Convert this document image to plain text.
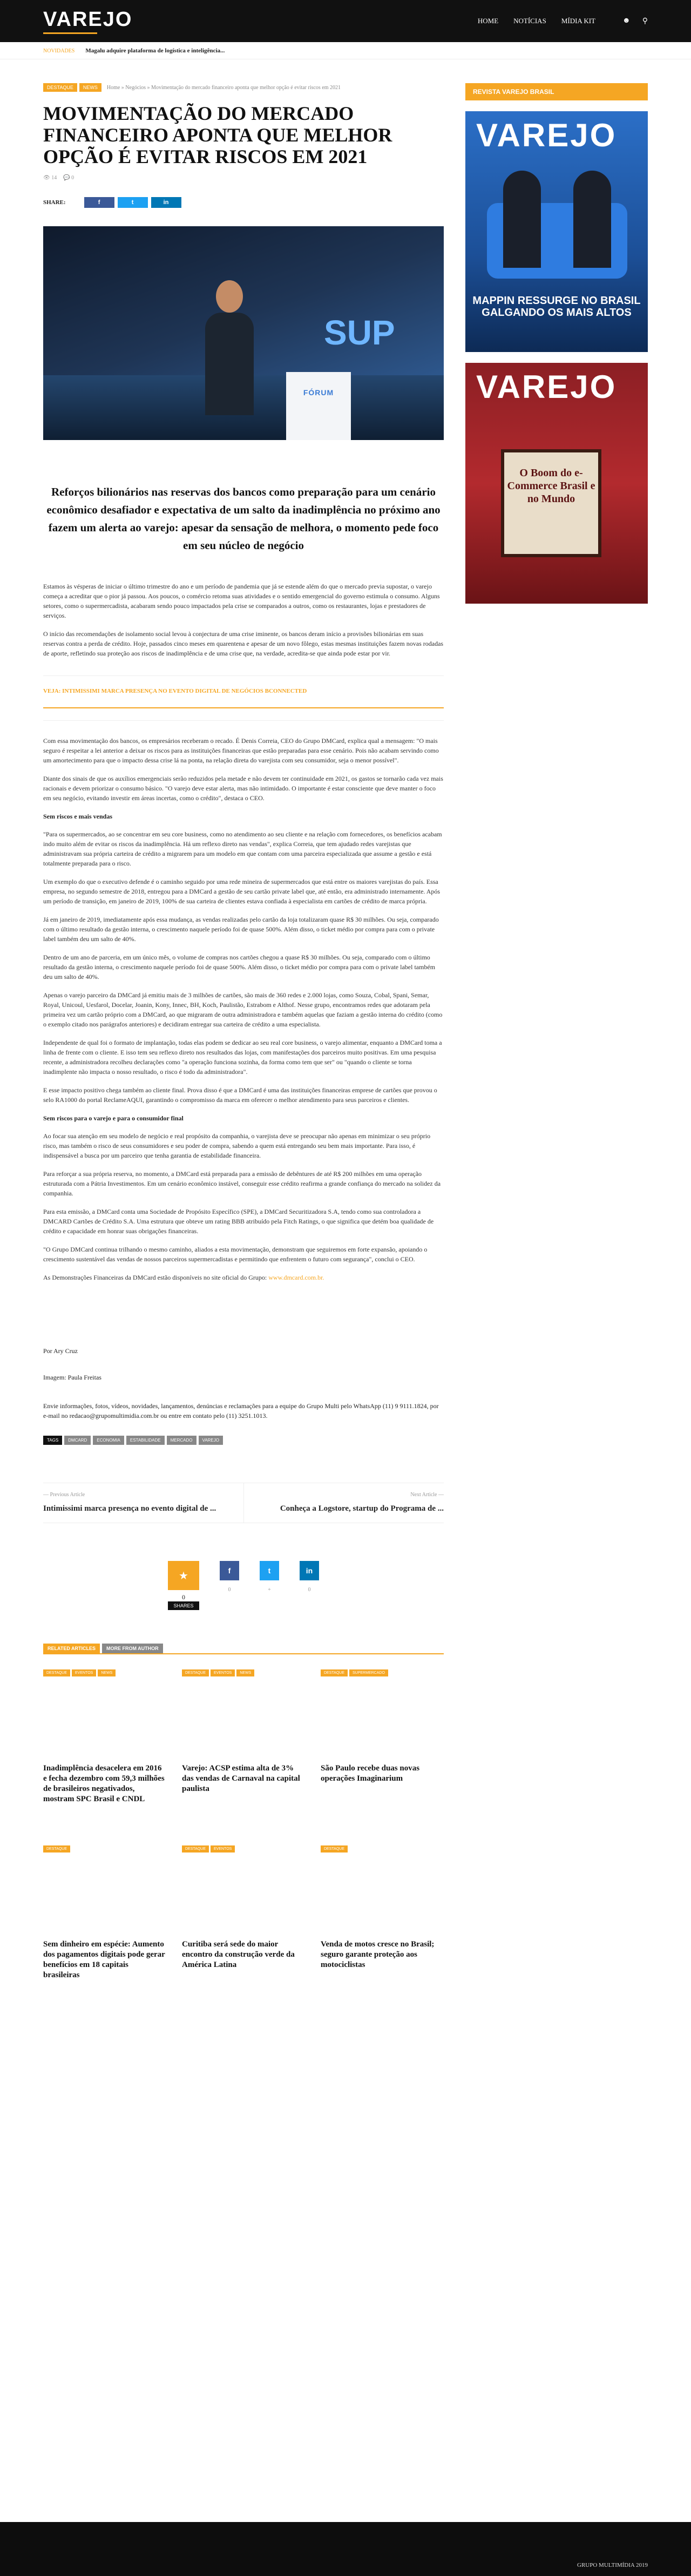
VAREJO	HOME NOTÍCIAS MÍDIA KIT	☻ ⚲
NOVIDADES Magalu adquire plataforma de logística e inteligência...
DESTAQUE	NEWS	Home » Negócios » Movimentação do mercado financeiro aponta que melhor opção é evitar riscos em 2021
MOVIMENTAÇÃO DO MERCADO FINANCEIRO APONTA QUE MELHOR OPÇÃO É EVITAR RISCOS EM 2021
👁 14 💬 0
SHARE:	f	t	in
SUP
FÓRUM
Reforços bilionários nas reservas dos bancos como preparação para um cenário econômico desafiador e expectativa de um salto da inadimplência no próximo ano fazem um alerta ao varejo: apesar da sensação de melhora, o momento pede foco em seu núcleo de negócio

Estamos às vésperas de iniciar o último trimestre do ano e um período de pandemia que já se estende além do que o mercado previa supostar, o varejo começa a acreditar que o pior já passou. Aos poucos, o comércio retoma suas atividades e o sentido emergencial do governo estimula o consumo. Alguns setores, como o supermercadista, acabaram sendo pouco impactados pela crise se comparados a outros, como os restaurantes, lojas e prestadores de serviços.

O início das recomendações de isolamento social levou à conjectura de uma crise iminente, os bancos deram início a provisões bilionárias em suas reservas contra a perda de crédito. Hoje, passados cinco meses em quarentena e apesar de um novo fôlego, estas mesmas instituições fazem novas rodadas de aporte, refletindo sua proteção aos riscos de inadimplência e de uma crise que, na verdade, acredita-se que ainda pode estar por vir.

VEJA: INTIMISSIMI MARCA PRESENÇA NO EVENTO DIGITAL DE NEGÓCIOS BCONNECTED

Com essa movimentação dos bancos, os empresários receberam o recado. É Denis Correia, CEO do Grupo DMCard, explica qual a mensagem: "O mais seguro é respeitar a lei anterior a deixar os riscos para as instituições financeiras que estão preparadas para esse cenário. Pois não acabam servindo como um amortecimento para que o impacto dessa crise lá na ponta, na relação direta do varejista com seu consumidor, seja o menor possível".

Diante dos sinais de que os auxílios emergenciais serão reduzidos pela metade e não devem ter continuidade em 2021, os gastos se tornarão cada vez mais racionais e devem priorizar o consumo básico. "O varejo deve estar alerta, mas não intimidado. O importante é estar consciente que deve manter o foco em seu negócio, evitando investir em áreas incertas, como o crédito", destaca o CEO.

Sem riscos e mais vendas

"Para os supermercados, ao se concentrar em seu core business, como no atendimento ao seu cliente e na relação com fornecedores, os benefícios acabam indo muito além de evitar os riscos da inadimplência. Há um reflexo direto nas vendas", explica Correia, que tem ajudado redes varejistas que administravam sua própria carteira de crédito a migrarem para um modelo em que contam com uma parceira especializada que assume a gestão e está totalmente preparada para o risco.

Um exemplo do que o executivo defende é o caminho seguido por uma rede mineira de supermercados que está entre os maiores varejistas do país. Essa empresa, no segundo semestre de 2018, entregou para a DMCard a gestão de seu cartão private label que, até então, era administrado internamente. Após um período de transição, em janeiro de 2019, 100% de sua carteira de clientes estava confiada à especialista em cartões de crédito de marca própria.

Já em janeiro de 2019, imediatamente após essa mudança, as vendas realizadas pelo cartão da loja totalizaram quase R$ 30 milhões. Ou seja, comparado com o último resultado da gestão interna, o crescimento naquele período foi de quase 500%. Além disso, o ticket médio por compra para com o private label também deu um salto de 40%.

Dentro de um ano de parceria, em um único mês, o volume de compras nos cartões chegou a quase R$ 30 milhões. Ou seja, comparado com o último resultado da gestão interna, o crescimento naquele período foi de quase 500%. Além disso, o ticket médio por compra para com o private label também deu um salto de 40%.

Apenas o varejo parceiro da DMCard já emitiu mais de 3 milhões de cartões, são mais de 360 redes e 2.000 lojas, como Souza, Cobal, Spani, Semar, Royal, Unicoul, Uesfarol, Docelar, Joanin, Kony, Innec, BH, Koch, Paulistão, Estrabom e Althof. Nesse grupo, encontramos redes que adotaram pela primeira vez um cartão próprio com a DMCard, ao que migraram de outra administradora e também aquelas que faziam a gestão interna do crédito (como o exemplo citado nos parágrafos anteriores) e decidiram entregar sua carteira de crédito a uma especialista.

Independente de qual foi o formato de implantação, todas elas podem se dedicar ao seu real core business, o varejo alimentar, enquanto a DMCard toma a linha de frente com o cliente. E isso tem seu reflexo direto nos resultados das lojas, com manifestações dos parceiros muito positivas. Em uma pesquisa recente, a administradora recolheu declarações como "a operação funciona sozinha, da forma como tem que ser" ou "quando o cliente se torna inadimplente não impacta o nosso resultado, o risco é todo da administradora".

E esse impacto positivo chega também ao cliente final. Prova disso é que a DMCard é uma das instituições financeiras emprese de cartões que provou o selo RA1000 do portal ReclameAQUI, garantindo o compromisso da marca em oferecer o melhor atendimento para seus parceiros e clientes.

Sem riscos para o varejo e para o consumidor final

Ao focar sua atenção em seu modelo de negócio e real propósito da companhia, o varejista deve se preocupar não apenas em minimizar o seu próprio risco, mas também o risco de seus consumidores e seu poder de compra, sabendo a quem está entregando seu bem mais importante. Para isso, é indispensável a busca por um parceiro que tenha garantia de estabilidade financeira.

Para reforçar a sua própria reserva, no momento, a DMCard está preparada para a emissão de debêntures de até R$ 200 milhões em uma operação estruturada com a Pátria Investimentos. Em um cenário econômico instável, conseguir esse crédito reafirma a grande confiança do mercado na solidez da companhia.

Para esta emissão, a DMCard conta uma Sociedade de Propósito Específico (SPE), a DMCard Securitizadora S.A, tendo como sua controladora a DMCARD Cartões de Crédito S.A. Uma estrutura que obteve um rating BBB atribuído pela Fitch Ratings, o que significa que detém boa qualidade de crédito e capacidade em honrar suas obrigações financeiras.

"O Grupo DMCard continua trilhando o mesmo caminho, aliados a esta movimentação, demonstram que seguiremos em forte expansão, apoiando o crescimento sustentável das vendas de nossos parceiros supermercadistas e permitindo que enfrentem o futuro com segurança", conclui o CEO.

As Demonstrações Financeiras da DMCard estão disponíveis no site oficial do Grupo: www.dmcard.com.br.

Por Ary Cruz
Imagem: Paula Freitas
Envie informações, fotos, vídeos, novidades, lançamentos, denúncias e reclamações para a equipe do Grupo Multi pelo WhatsApp (11) 9 9111.1824, por e-mail no redacao@grupomultimidia.com.br ou entre em contato pelo (11) 3251.1013.
TAGS	DMCARD	ECONOMIA	ESTABILIDADE	MERCADO	VAREJO
— Previous Article
Intimissimi marca presença no evento digital de ...
Next Article —
Conheça a Logstore, startup do Programa de ...
★
0
SHARES
f
0
t
+
in
0
RELATED ARTICLES	MORE FROM AUTHOR
DESTAQUE	EVENTOS	NEWS
Inadimplência desacelera em 2016 e fecha dezembro com 59,3 milhões de brasileiros negativados, mostram SPC Brasil e CNDL
DESTAQUE	EVENTOS	NEWS
Varejo: ACSP estima alta de 3% das vendas de Carnaval na capital paulista
DESTAQUE	SUPERMERCADO
São Paulo recebe duas novas operações Imaginarium
DESTAQUE
Sem dinheiro em espécie: Aumento dos pagamentos digitais pode gerar benefícios em 18 capitais brasileiras
DESTAQUE	EVENTOS
Curitiba será sede do maior encontro da construção verde da América Latina
DESTAQUE
Venda de motos cresce no Brasil; seguro garante proteção aos motociclistas
REVISTA VAREJO BRASIL
VAREJO
MAPPIN RESSURGE NO BRASIL GALGANDO OS MAIS ALTOS
VAREJO
O Boom do e-Commerce Brasil e no Mundo
GRUPO MULTIMÍDIA 2019
